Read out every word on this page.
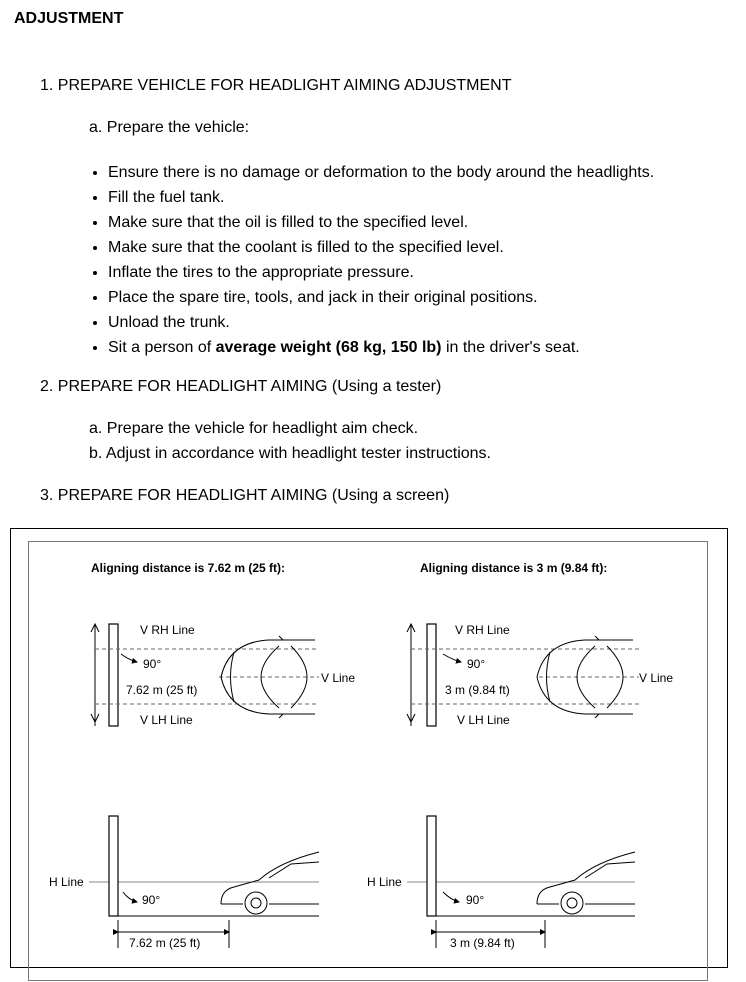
ADJUSTMENT
1. PREPARE VEHICLE FOR HEADLIGHT AIMING ADJUSTMENT
a. Prepare the vehicle:
• Ensure there is no damage or deformation to the body around the headlights.
• Fill the fuel tank.
• Make sure that the oil is filled to the specified level.
• Make sure that the coolant is filled to the specified level.
• Inflate the tires to the appropriate pressure.
• Place the spare tire, tools, and jack in their original positions.
• Unload the trunk.
• Sit a person of average weight (68 kg, 150 lb) in the driver's seat.
2. PREPARE FOR HEADLIGHT AIMING (Using a tester)
a. Prepare the vehicle for headlight aim check.
b. Adjust in accordance with headlight tester instructions.
3. PREPARE FOR HEADLIGHT AIMING (Using a screen)
Aligning distance is 7.62 m (25 ft):
V RH Line
V LH Line
90°
7.62 m (25 ft)
V Line
H Line
90°
7.62 m (25 ft)
Aligning distance is 3 m (9.84 ft):
V RH Line
V LH Line
90°
3 m (9.84 ft)
V Line
H Line
90°
3 m (9.84 ft)
